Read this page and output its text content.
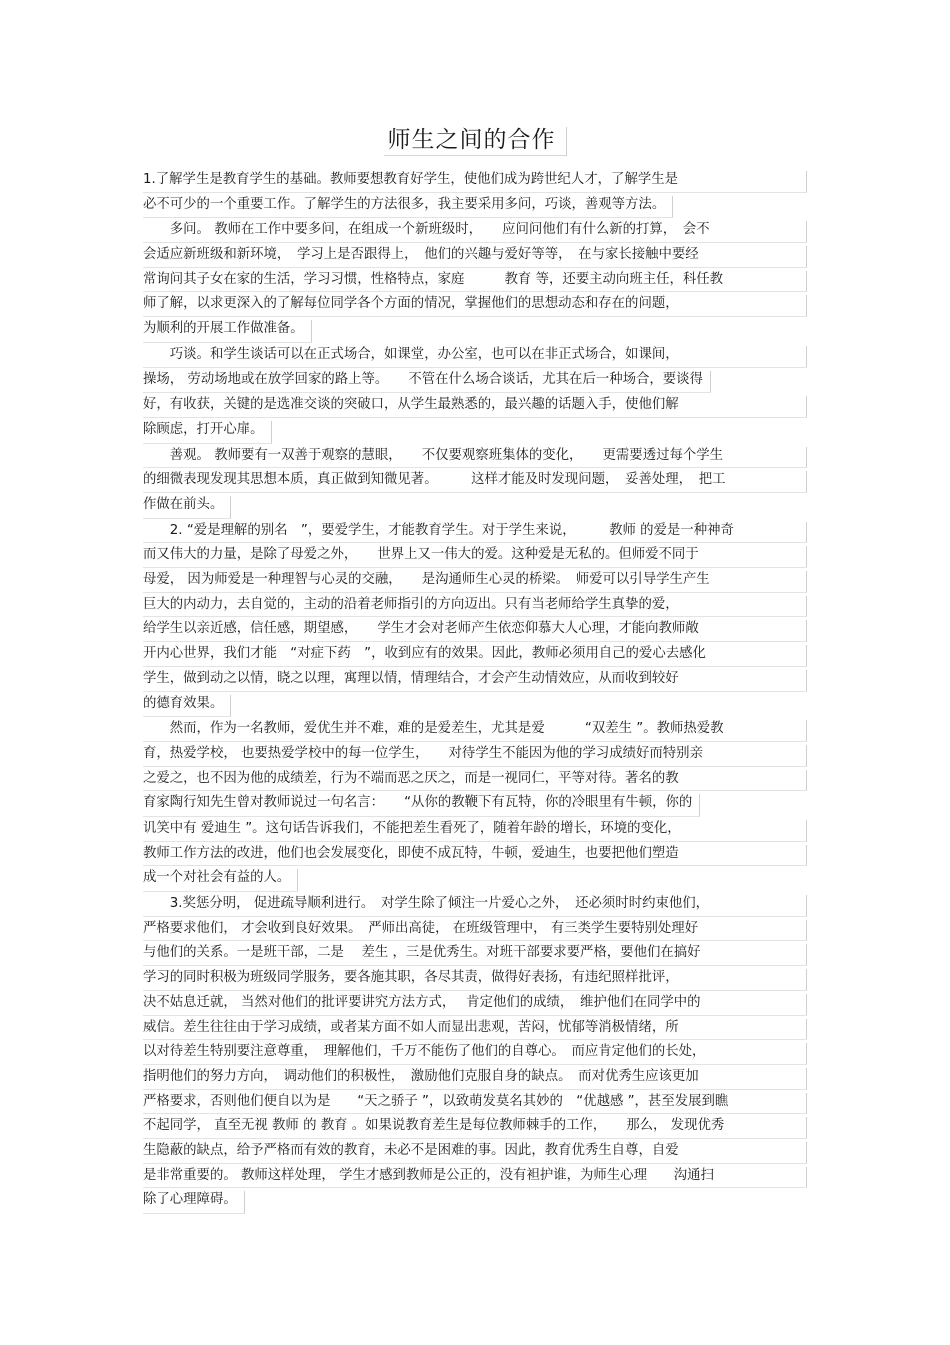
师生之间的合作
1.了解学生是教育学生的基础。教师要想教育好学生，使他们成为跨世纪人才，了解学生是
必不可少的一个重要工作。了解学生的方法很多，我主要采用多问，巧谈，善观等方法。
　　多问。 教师在工作中要多问，在组成一个新班级时，　　应问问他们有什么新的打算，　会不
会适应新班级和新环境，　学习上是否跟得上，　他们的兴趣与爱好等等，　在与家长接触中要经
常询问其子女在家的生活，学习习惯，性格特点，家庭　　　教育 等，还要主动向班主任，科任教
师了解，以求更深入的了解每位同学各个方面的情况，掌握他们的思想动态和存在的问题，
为顺利的开展工作做准备。
　　巧谈。和学生谈话可以在正式场合，如课堂，办公室，也可以在非正式场合，如课间，
操场， 劳动场地或在放学回家的路上等。　　不管在什么场合谈话，尤其在后一种场合，要谈得
好，有收获，关键的是选准交谈的突破口，从学生最熟悉的，最兴趣的话题入手，使他们解
除顾虑，打开心扉。
　　善观。 教师要有一双善于观察的慧眼，　　不仅要观察班集体的变化，　　更需要透过每个学生
的细微表现发现其思想本质，真正做到知微见著。　　　这样才能及时发现问题，　妥善处理，　把工
作做在前头。
　　2. “爱是理解的别名　”，要爱学生，才能教育学生。对于学生来说，　　　教师 的爱是一种神奇
而又伟大的力量，是除了母爱之外，　　世界上又一伟大的爱。这种爱是无私的。但师爱不同于
母爱， 因为师爱是一种理智与心灵的交融，　　是沟通师生心灵的桥梁。　师爱可以引导学生产生
巨大的内动力，去自觉的，主动的沿着老师指引的方向迈出。只有当老师给学生真挚的爱，
给学生以亲近感，信任感，期望感，　　学生才会对老师产生依恋仰慕大人心理，才能向教师敞
开内心世界，我们才能　“对症下药　”，收到应有的效果。因此，教师必须用自己的爱心去感化
学生，做到动之以情，晓之以理，寓理以情，情理结合，才会产生动情效应，从而收到较好
的德育效果。
　　然而，作为一名教师，爱优生并不难，难的是爱差生，尤其是爱　　　“双差生 ”。教师热爱教
育，热爱学校， 也要热爱学校中的每一位学生，　　对待学生不能因为他的学习成绩好而特别亲
之爱之，也不因为他的成绩差，行为不端而恶之厌之，而是一视同仁，平等对待。著名的教
育家陶行知先生曾对教师说过一句名言：　　“从你的教鞭下有瓦特，你的冷眼里有牛顿，你的
讥笑中有 爱迪生 ”。这句话告诉我们，不能把差生看死了，随着年龄的增长，环境的变化，
教师工作方法的改进，他们也会发展变化，即使不成瓦特，牛顿，爱迪生，也要把他们塑造
成一个对社会有益的人。
　　3.奖惩分明， 促进疏导顺利进行。　对学生除了倾注一片爱心之外，　还必须时时约束他们，
严格要求他们， 才会收到良好效果。　严师出高徒， 在班级管理中， 有三类学生要特别处理好
与他们的关系。一是班干部，二是　 差生 ，三是优秀生。对班干部要求要严格，要他们在搞好
学习的同时积极为班级同学服务，要各施其职，各尽其责，做得好表扬，有违纪照样批评，
决不姑息迁就， 当然对他们的批评要讲究方法方式，　 肯定他们的成绩，　维护他们在同学中的
威信。差生往往由于学习成绩，或者某方面不如人而显出悲观，苦闷，忧郁等消极情绪，所
以对待差生特别要注意尊重，　理解他们，千万不能伤了他们的自尊心。　而应肯定他们的长处，
指明他们的努力方向，　调动他们的积极性，　激励他们克服自身的缺点。　而对优秀生应该更加
严格要求，否则他们便自以为是　　“天之骄子 ”，以致萌发莫名其妙的　“优越感 ”，甚至发展到瞧
不起同学， 直至无视 教师 的 教育 。如果说教育差生是每位教师棘手的工作，　　那么， 发现优秀
生隐蔽的缺点，给予严格而有效的教育，未必不是困难的事。因此，教育优秀生自尊，自爱
是非常重要的。 教师这样处理， 学生才感到教师是公正的，没有袒护谁，为师生心理　　沟通扫
除了心理障碍。
